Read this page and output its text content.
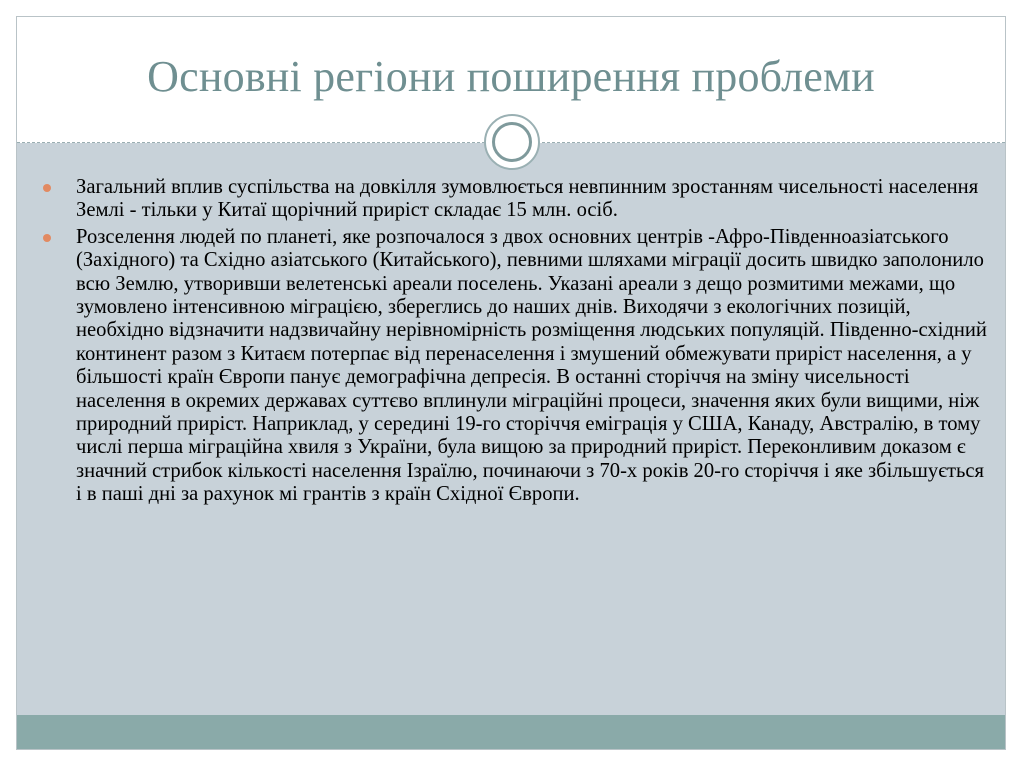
Основні регіони поширення проблеми
Загальний вплив суспільства на довкілля зумовлюється невпинним зростанням чисельності населення Землі - тільки у Китаї щорічний приріст складає 15 млн. осіб.
Розселення людей по планеті, яке розпочалося з двох основних центрів -Афро-Південноазіатського (Західного) та Східно азіатського (Китайського), певними шляхами міграції досить швидко заполонило всю Землю, утворивши велетенські ареали поселень. Указані ареали з дещо розмитими межами, що зумовлено інтенсивною міграцією, збереглись до наших днів. Виходячи з екологічних позицій, необхідно відзначити надзвичайну нерівномірність розміщення людських популяцій. Південно-східний континент разом з Китаєм потерпає від перенаселення і змушений обмежувати приріст населення, а у більшості країн Європи панує демографічна депресія. В останні сторіччя на зміну чисельності населення в окремих державах суттєво вплинули міграційні процеси, значення яких були вищими, ніж природний приріст. Наприклад, у середині 19-го сторіччя еміграція у США, Канаду, Австралію, в тому числі перша міграційна хвиля з України, була вищою за природний приріст. Переконливим доказом є значний стрибок кількості населення Ізраїлю, починаючи з 70-х років 20-го сторіччя і яке збільшується і в паші дні за рахунок мі грантів з країн Східної Європи.
